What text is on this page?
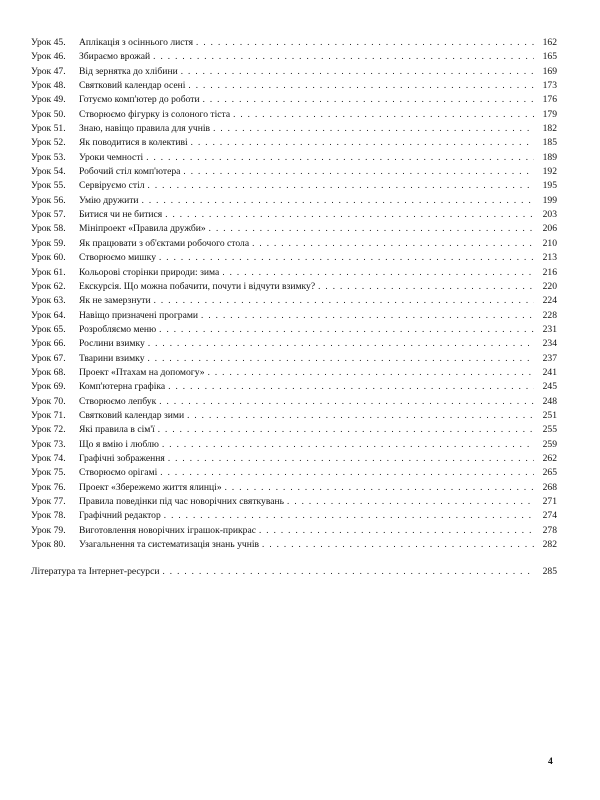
Урок 45.	Аплікація з осіннього листя . . .	162
Урок 46.	Збираємо врожай . . .	165
Урок 47.	Від зернятка до хлібини . . .	169
Урок 48.	Святковий календар осені . . .	173
Урок 49.	Готуємо комп'ютер до роботи . . .	176
Урок 50.	Створюємо фігурку із солоного тіста . . .	179
Урок 51.	Знаю, навіщо правила для учнів . . .	182
Урок 52.	Як поводитися в колективі . . .	185
Урок 53.	Уроки чемності . . .	189
Урок 54.	Робочий стіл комп'ютера . . .	192
Урок 55.	Сервіруємо стіл . . .	195
Урок 56.	Умію дружити . . .	199
Урок 57.	Битися чи не битися . . .	203
Урок 58.	Мініпроект «Правила дружби» . . .	206
Урок 59.	Як працювати з об'єктами робочого стола . . .	210
Урок 60.	Створюємо мишку . . .	213
Урок 61.	Кольорові сторінки природи: зима . . .	216
Урок 62.	Екскурсія. Що можна побачити, почути і відчути взимку? . . .	220
Урок 63.	Як не замерзнути . . .	224
Урок 64.	Навіщо призначені програми . . .	228
Урок 65.	Розробляємо меню . . .	231
Урок 66.	Рослини взимку . . .	234
Урок 67.	Тварини взимку . . .	237
Урок 68.	Проект «Птахам на допомогу» . . .	241
Урок 69.	Комп'ютерна графіка . . .	245
Урок 70.	Створюємо лепбук . . .	248
Урок 71.	Святковий календар зими . . .	251
Урок 72.	Які правила в сім'ї . . .	255
Урок 73.	Що я вмію і люблю . . .	259
Урок 74.	Графічні зображення . . .	262
Урок 75.	Створюємо орігамі . . .	265
Урок 76.	Проект «Збережемо життя ялинці» . . .	268
Урок 77.	Правила поведінки під час новорічних святкувань . . .	271
Урок 78.	Графічний редактор . . .	274
Урок 79.	Виготовлення новорічних іграшок-прикрас . . .	278
Урок 80.	Узагальнення та систематизація знань учнів . . .	282
Література та Інтернет-ресурси . . .	285
4
